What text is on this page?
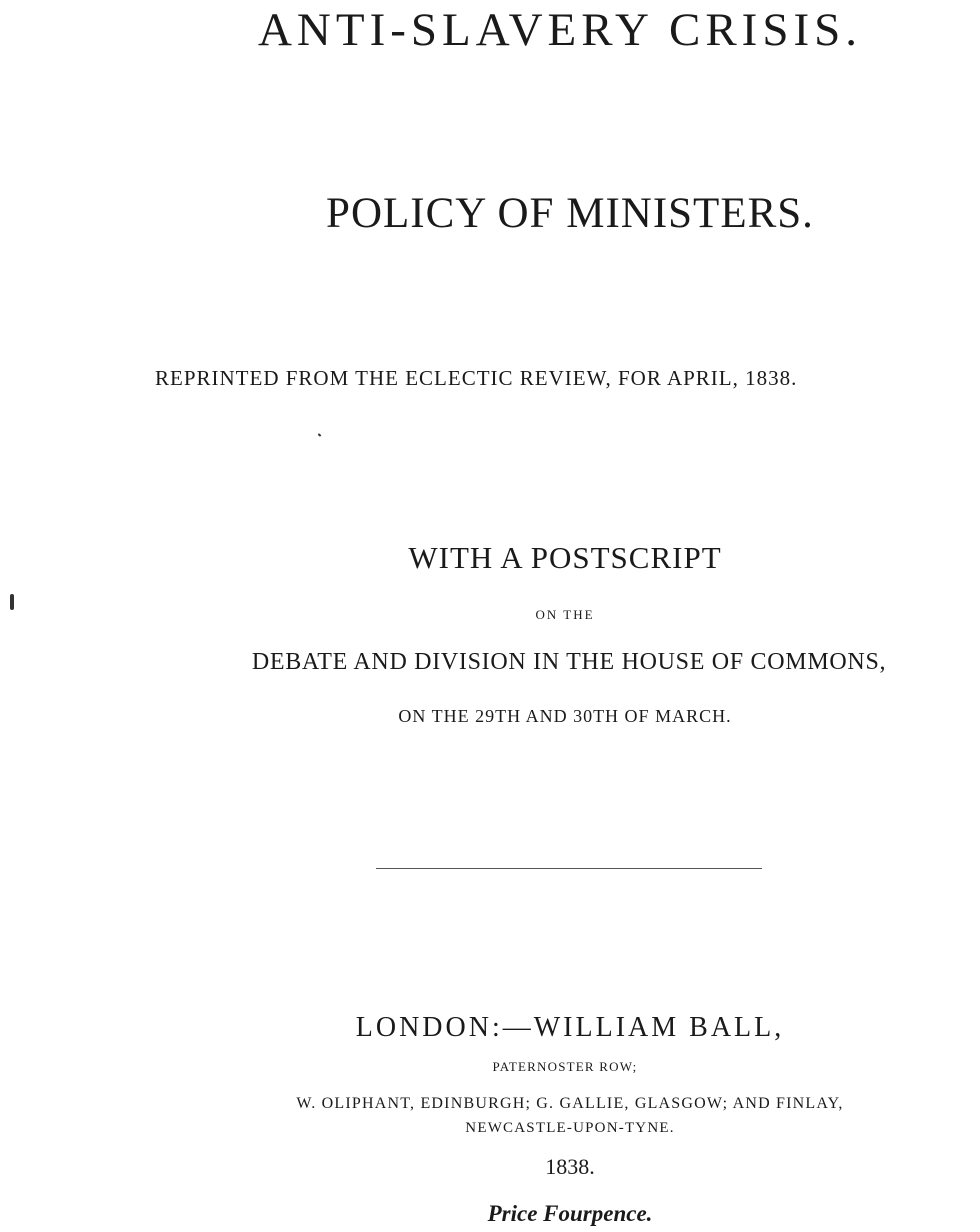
ANTI-SLAVERY CRISIS.
POLICY OF MINISTERS.
REPRINTED FROM THE ECLECTIC REVIEW, FOR APRIL, 1838.
WITH A POSTSCRIPT
ON THE
DEBATE AND DIVISION IN THE HOUSE OF COMMONS,
ON THE 29TH AND 30TH OF MARCH.
LONDON:—WILLIAM BALL,
PATERNOSTER ROW;
W. OLIPHANT, EDINBURGH; G. GALLIE, GLASGOW; AND FINLAY,
NEWCASTLE-UPON-TYNE.
1838.
Price Fourpence.
